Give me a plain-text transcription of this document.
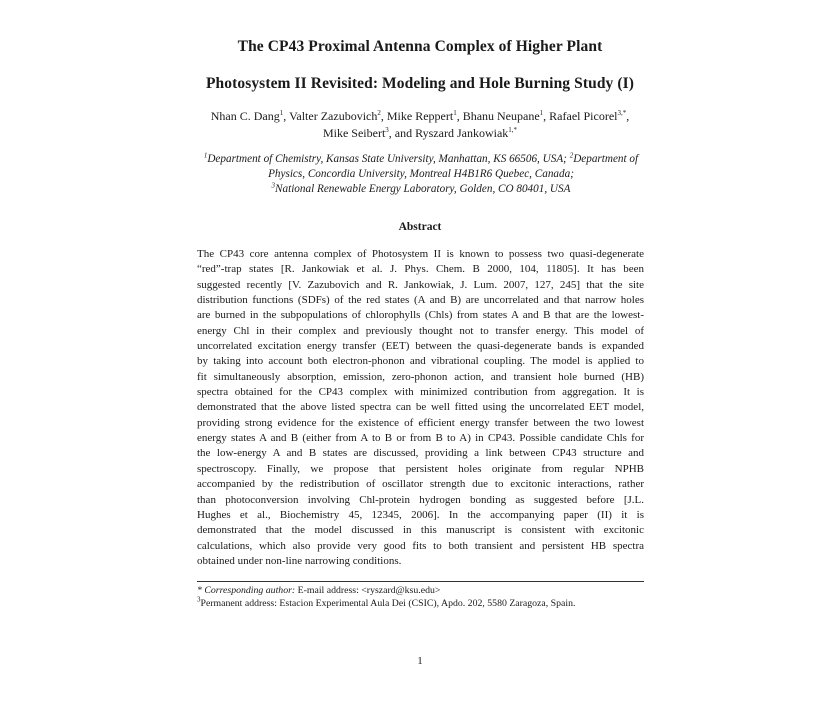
The CP43 Proximal Antenna Complex of Higher Plant
Photosystem II Revisited: Modeling and Hole Burning Study (I)
Nhan C. Dang$^1$, Valter Zazubovich$^2$, Mike Reppert$^1$, Bhanu Neupane$^1$, Rafael Picorel$^{3,*}$,
Mike Seibert$^3$, and Ryszard Jankowiak$^{1,*}$
$^1$Department of Chemistry, Kansas State University, Manhattan, KS 66506, USA; $^2$Department of Physics, Concordia University, Montreal H4B1R6 Quebec, Canada;
$^3$National Renewable Energy Laboratory, Golden, CO 80401, USA
Abstract
The CP43 core antenna complex of Photosystem II is known to possess two quasi-degenerate
“red”-trap states [R. Jankowiak et al. J. Phys. Chem. B 2000, 104, 11805]. It has been
suggested recently [V. Zazubovich and R. Jankowiak, J. Lum. 2007, 127, 245] that the site
distribution functions (SDFs) of the red states (A and B) are uncorrelated and that narrow holes
are burned in the subpopulations of chlorophylls (Chls) from states A and B that are the lowest-
energy Chl in their complex and previously thought not to transfer energy. This model of
uncorrelated excitation energy transfer (EET) between the quasi-degenerate bands is expanded
by taking into account both electron-phonon and vibrational coupling. The model is applied to
fit simultaneously absorption, emission, zero-phonon action, and transient hole burned (HB)
spectra obtained for the CP43 complex with minimized contribution from aggregation. It is
demonstrated that the above listed spectra can be well fitted using the uncorrelated EET model,
providing strong evidence for the existence of efficient energy transfer between the two lowest
energy states A and B (either from A to B or from B to A) in CP43. Possible candidate Chls for
the low-energy A and B states are discussed, providing a link between CP43 structure and
spectroscopy. Finally, we propose that persistent holes originate from regular NPHB
accompanied by the redistribution of oscillator strength due to excitonic interactions, rather
than photoconversion involving Chl-protein hydrogen bonding as suggested before [J.L.
Hughes et al., Biochemistry 45, 12345, 2006]. In the accompanying paper (II) it is
demonstrated that the model discussed in this manuscript is consistent with excitonic
calculations, which also provide very good fits to both transient and persistent HB spectra
obtained under non-line narrowing conditions.
* Corresponding author: E-mail address: <ryszard@ksu.edu>
$^3$Permanent address: Estacion Experimental Aula Dei (CSIC), Apdo. 202, 5580 Zaragoza, Spain.
1
